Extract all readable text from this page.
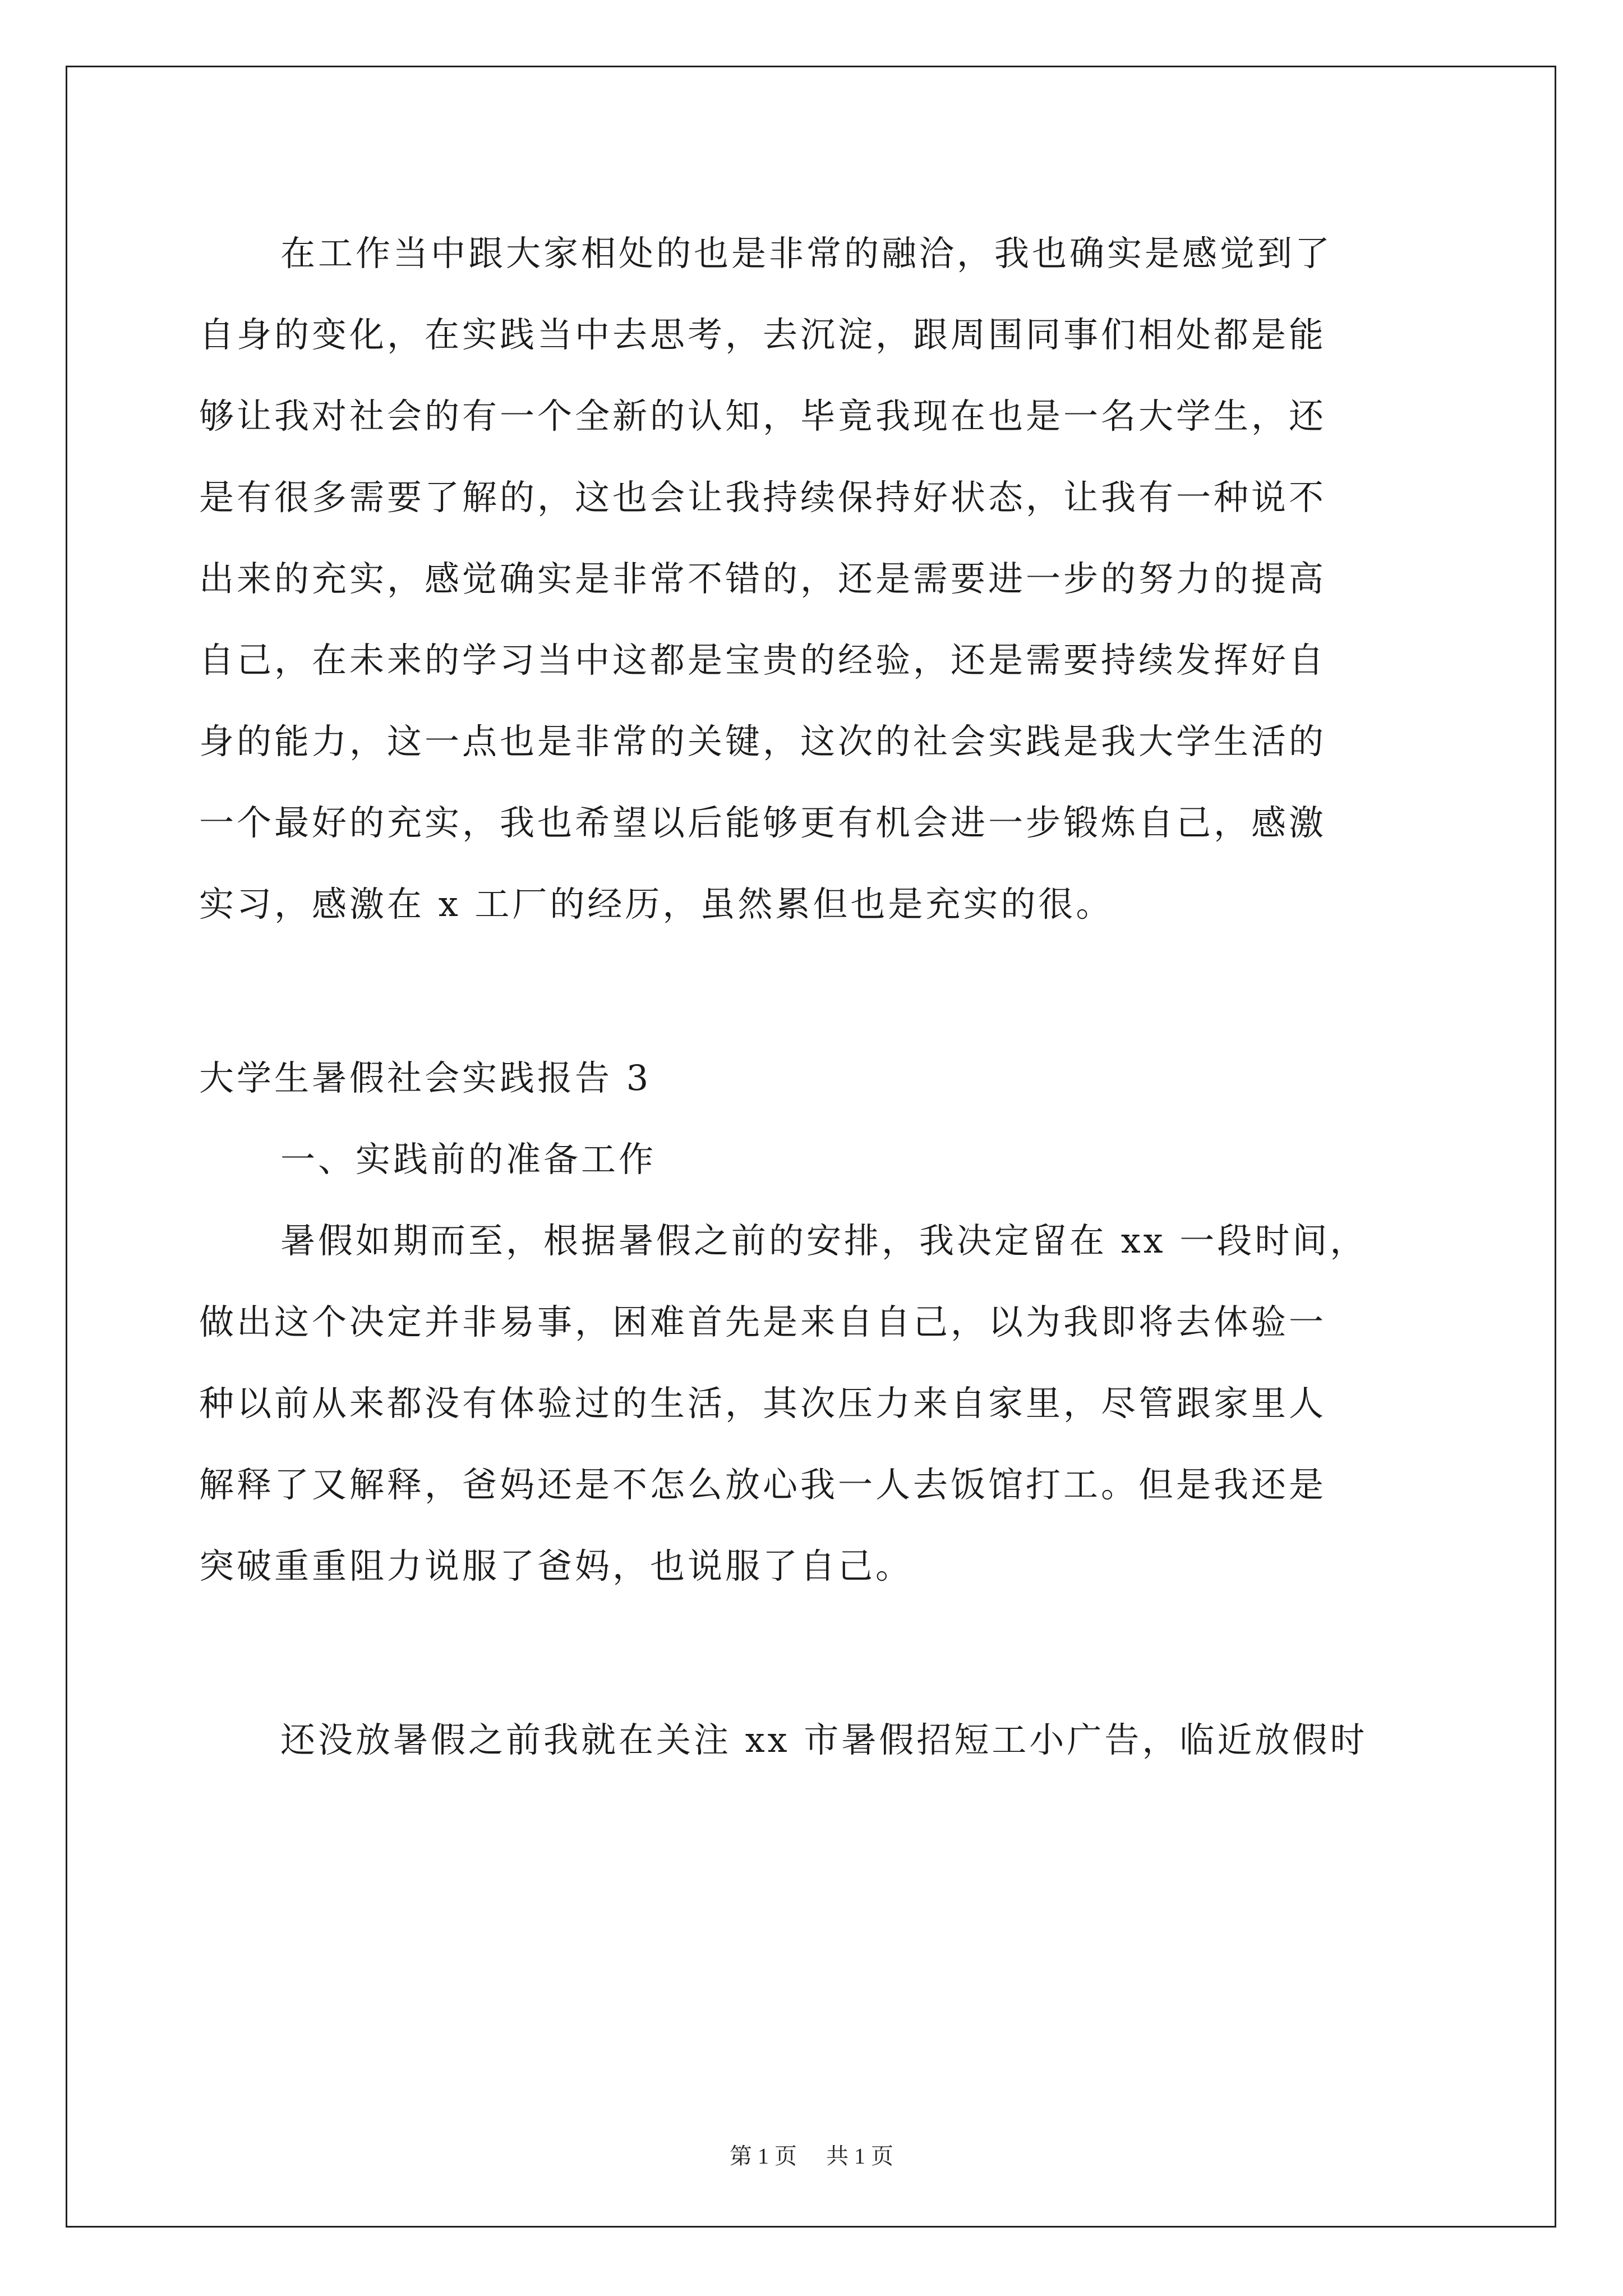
在工作当中跟大家相处的也是非常的融洽，我也确实是感觉到了
自身的变化，在实践当中去思考，去沉淀，跟周围同事们相处都是能
够让我对社会的有一个全新的认知，毕竟我现在也是一名大学生，还
是有很多需要了解的，这也会让我持续保持好状态，让我有一种说不
出来的充实，感觉确实是非常不错的，还是需要进一步的努力的提高
自己，在未来的学习当中这都是宝贵的经验，还是需要持续发挥好自
身的能力，这一点也是非常的关键，这次的社会实践是我大学生活的
一个最好的充实，我也希望以后能够更有机会进一步锻炼自己，感激
实习，感激在 x 工厂的经历，虽然累但也是充实的很。
大学生暑假社会实践报告 3
一、实践前的准备工作
暑假如期而至，根据暑假之前的安排，我决定留在 xx 一段时间，
做出这个决定并非易事，困难首先是来自自己，以为我即将去体验一
种以前从来都没有体验过的生活，其次压力来自家里，尽管跟家里人
解释了又解释，爸妈还是不怎么放心我一人去饭馆打工。但是我还是
突破重重阻力说服了爸妈，也说服了自己。
还没放暑假之前我就在关注 xx 市暑假招短工小广告，临近放假时
第 1 页 共 1 页
